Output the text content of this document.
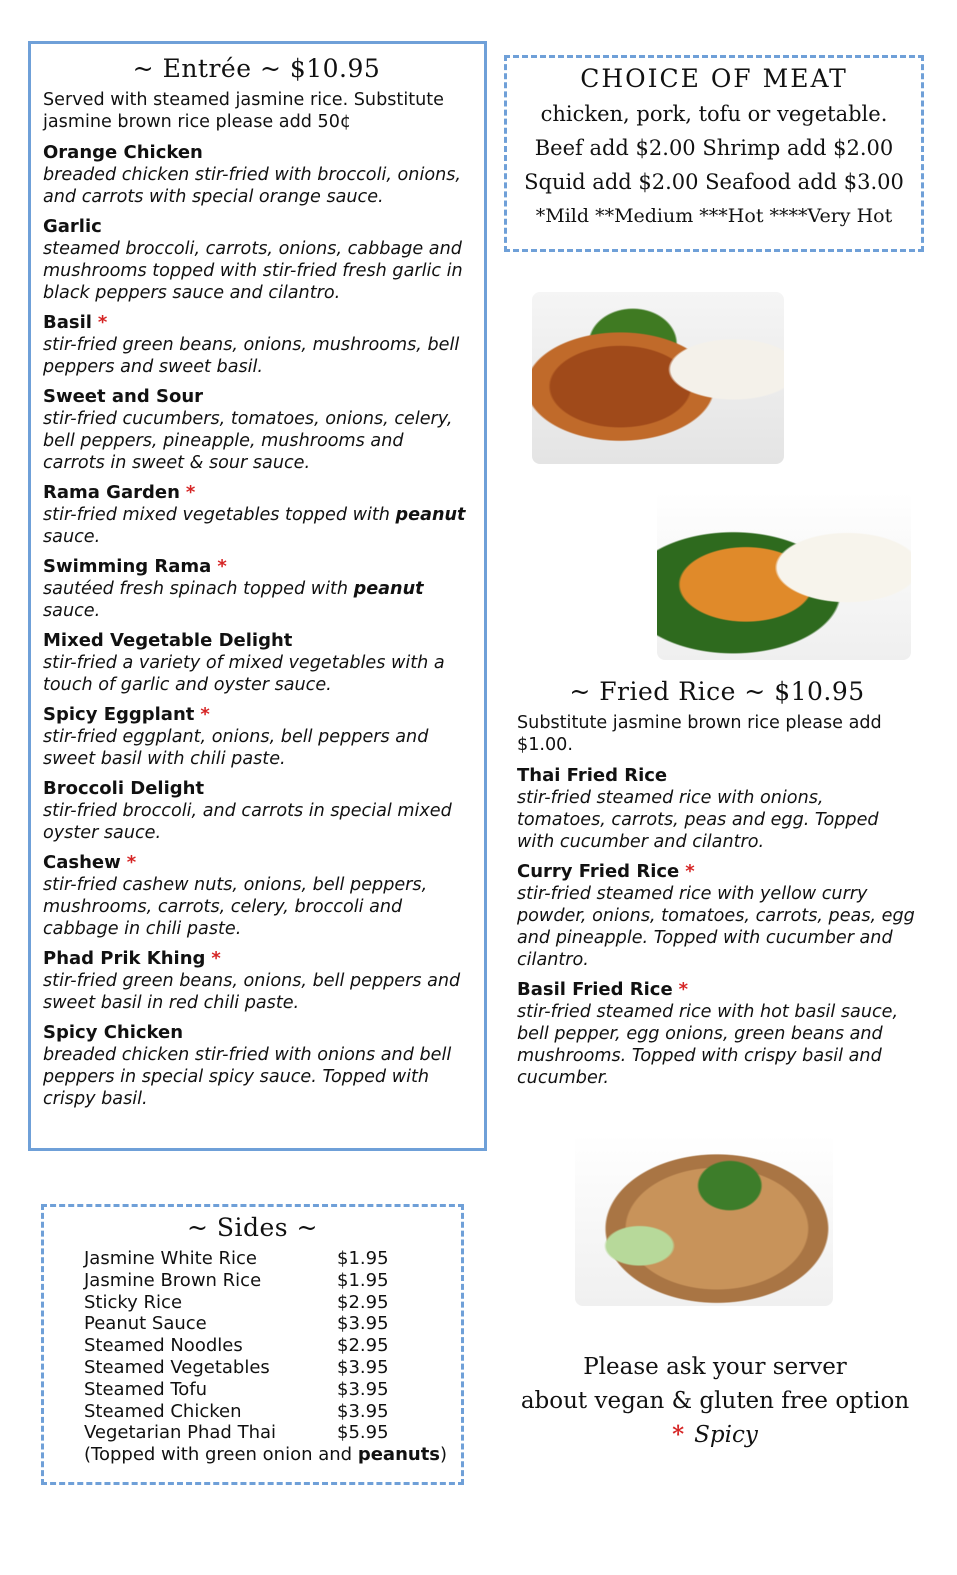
~ Entrée ~ $10.95
Served with steamed jasmine rice. Substitute jasmine brown rice please add 50¢
Orange Chicken
breaded chicken stir-fried with broccoli, onions, and carrots with special orange sauce.
Garlic
steamed broccoli, carrots, onions, cabbage and mushrooms topped with stir-fried fresh garlic in black peppers sauce and cilantro.
Basil *
stir-fried green beans, onions, mushrooms, bell peppers and sweet basil.
Sweet and Sour
stir-fried cucumbers, tomatoes, onions, celery, bell peppers, pineapple, mushrooms and carrots in sweet & sour sauce.
Rama Garden *
stir-fried mixed vegetables topped with peanut sauce.
Swimming Rama *
sautéed fresh spinach topped with peanut sauce.
Mixed Vegetable Delight
stir-fried a variety of mixed vegetables with a touch of garlic and oyster sauce.
Spicy Eggplant *
stir-fried eggplant, onions, bell peppers and sweet basil with chili paste.
Broccoli Delight
stir-fried broccoli, and carrots in special mixed oyster sauce.
Cashew *
stir-fried cashew nuts, onions, bell peppers, mushrooms, carrots, celery, broccoli and cabbage in chili paste.
Phad Prik Khing *
stir-fried green beans, onions, bell peppers and sweet basil in red chili paste.
Spicy Chicken
breaded chicken stir-fried with onions and bell peppers in special spicy sauce. Topped with crispy basil.
CHOICE OF MEAT
chicken, pork, tofu or vegetable.
Beef add $2.00 Shrimp add $2.00
Squid add $2.00 Seafood add $3.00
*Mild **Medium ***Hot ****Very Hot
~ Fried Rice ~ $10.95
Substitute jasmine brown rice please add $1.00.
Thai Fried Rice
stir-fried steamed rice with onions, tomatoes, carrots, peas and egg. Topped with cucumber and cilantro.
Curry Fried Rice *
stir-fried steamed rice with yellow curry powder, onions, tomatoes, carrots, peas, egg and pineapple. Topped with cucumber and cilantro.
Basil Fried Rice *
stir-fried steamed rice with hot basil sauce, bell pepper, egg onions, green beans and mushrooms. Topped with crispy basil and cucumber.
~ Sides ~
Jasmine White Rice	$1.95
Jasmine Brown Rice	$1.95
Sticky Rice	$2.95
Peanut Sauce	$3.95
Steamed Noodles	$2.95
Steamed Vegetables	$3.95
Steamed Tofu	$3.95
Steamed Chicken	$3.95
Vegetarian Phad Thai	$5.95
(Topped with green onion and peanuts)
Please ask your server
about vegan & gluten free option
* Spicy
